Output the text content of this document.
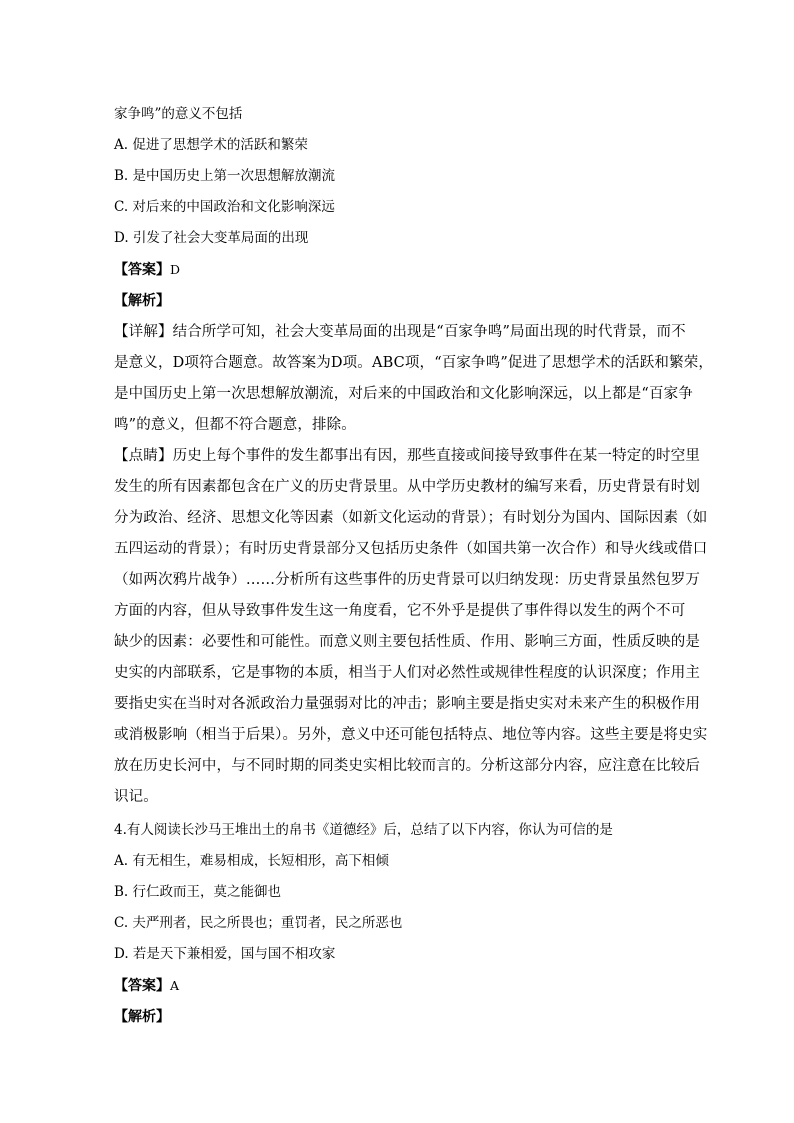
家争鸣”的意义不包括
A. 促进了思想学术的活跃和繁荣
B. 是中国历史上第一次思想解放潮流
C. 对后来的中国政治和文化影响深远
D. 引发了社会大变革局面的出现
【答案】D
【解析】
【详解】结合所学可知，社会大变革局面的出现是“百家争鸣”局面出现的时代背景，而不
是意义，D项符合题意。故答案为D项。ABC项，“百家争鸣”促进了思想学术的活跃和繁荣，
是中国历史上第一次思想解放潮流，对后来的中国政治和文化影响深远，以上都是“百家争
鸣”的意义，但都不符合题意，排除。
【点睛】历史上每个事件的发生都事出有因，那些直接或间接导致事件在某一特定的时空里
发生的所有因素都包含在广义的历史背景里。从中学历史教材的编写来看，历史背景有时划
分为政治、经济、思想文化等因素（如新文化运动的背景）；有时划分为国内、国际因素（如
五四运动的背景）；有时历史背景部分又包括历史条件（如国共第一次合作）和导火线或借口
（如两次鸦片战争）……分析所有这些事件的历史背景可以归纳发现：历史背景虽然包罗万
方面的内容，但从导致事件发生这一角度看，它不外乎是提供了事件得以发生的两个不可
缺少的因素：必要性和可能性。而意义则主要包括性质、作用、影响三方面，性质反映的是
史实的内部联系，它是事物的本质，相当于人们对必然性或规律性程度的认识深度；作用主
要指史实在当时对各派政治力量强弱对比的冲击；影响主要是指史实对未来产生的积极作用
或消极影响（相当于后果）。另外，意义中还可能包括特点、地位等内容。这些主要是将史实
放在历史长河中，与不同时期的同类史实相比较而言的。分析这部分内容，应注意在比较后
识记。
4.有人阅读长沙马王堆出土的帛书《道德经》后，总结了以下内容，你认为可信的是
A. 有无相生，难易相成，长短相形，高下相倾
B. 行仁政而王，莫之能御也
C. 夫严刑者，民之所畏也；重罚者，民之所恶也
D. 若是天下兼相爱，国与国不相攻家
【答案】A
【解析】
